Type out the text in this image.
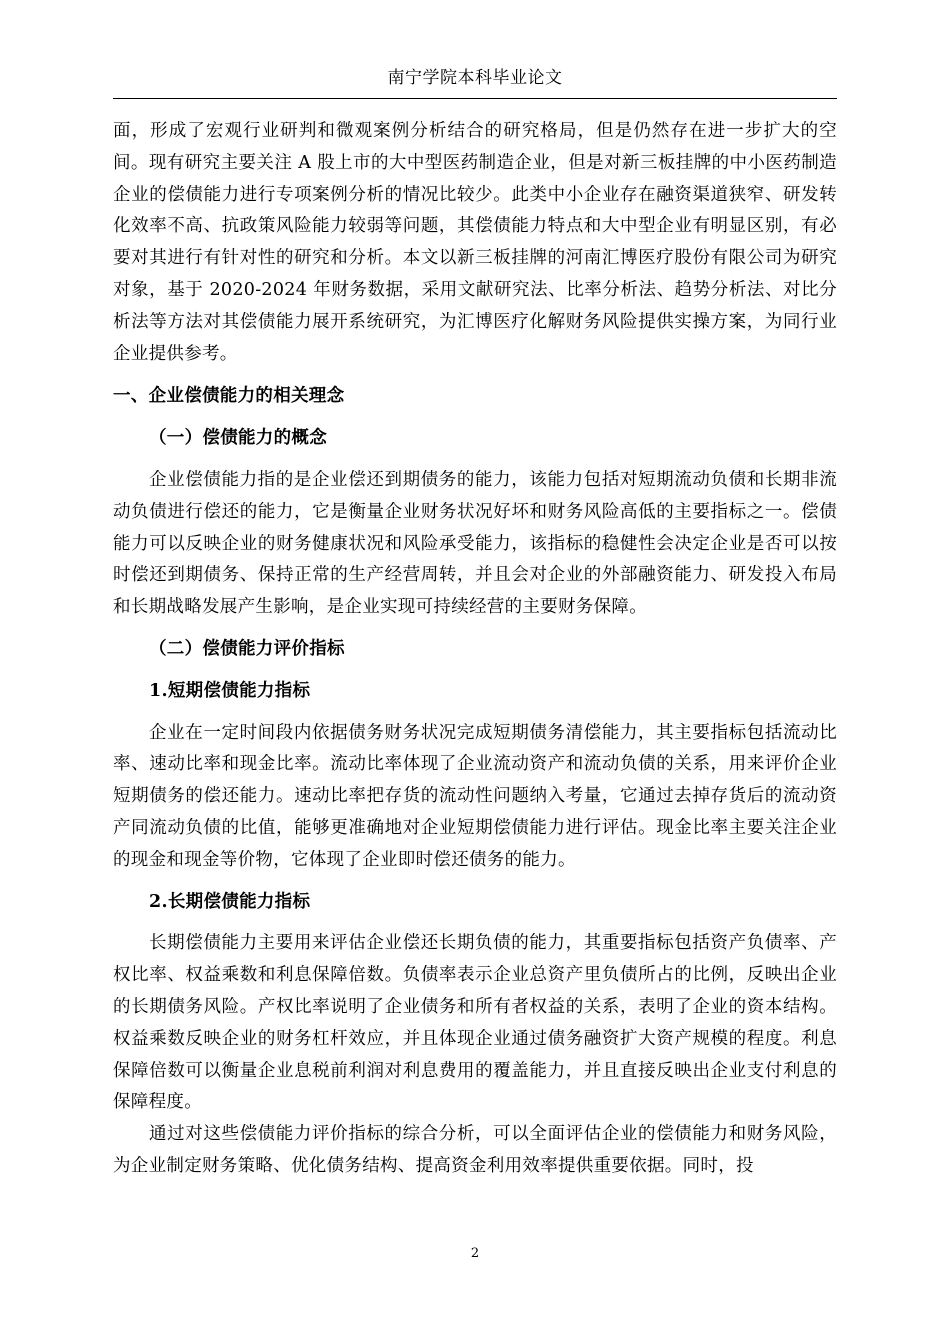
南宁学院本科毕业论文

面，形成了宏观行业研判和微观案例分析结合的研究格局，但是仍然存在进一步扩大的空间。现有研究主要关注 A 股上市的大中型医药制造企业，但是对新三板挂牌的中小医药制造企业的偿债能力进行专项案例分析的情况比较少。此类中小企业存在融资渠道狭窄、研发转化效率不高、抗政策风险能力较弱等问题，其偿债能力特点和大中型企业有明显区别，有必要对其进行有针对性的研究和分析。本文以新三板挂牌的河南汇博医疗股份有限公司为研究对象，基于 2020-2024 年财务数据，采用文献研究法、比率分析法、趋势分析法、对比分析法等方法对其偿债能力展开系统研究，为汇博医疗化解财务风险提供实操方案，为同行业企业提供参考。

一、企业偿债能力的相关理念
（一）偿债能力的概念

企业偿债能力指的是企业偿还到期债务的能力，该能力包括对短期流动负债和长期非流动负债进行偿还的能力，它是衡量企业财务状况好坏和财务风险高低的主要指标之一。偿债能力可以反映企业的财务健康状况和风险承受能力，该指标的稳健性会决定企业是否可以按时偿还到期债务、保持正常的生产经营周转，并且会对企业的外部融资能力、研发投入布局和长期战略发展产生影响，是企业实现可持续经营的主要财务保障。

（二）偿债能力评价指标
1.短期偿债能力指标

企业在一定时间段内依据债务财务状况完成短期债务清偿能力，其主要指标包括流动比率、速动比率和现金比率。流动比率体现了企业流动资产和流动负债的关系，用来评价企业短期债务的偿还能力。速动比率把存货的流动性问题纳入考量，它通过去掉存货后的流动资产同流动负债的比值，能够更准确地对企业短期偿债能力进行评估。现金比率主要关注企业的现金和现金等价物，它体现了企业即时偿还债务的能力。

2.长期偿债能力指标

长期偿债能力主要用来评估企业偿还长期负债的能力，其重要指标包括资产负债率、产权比率、权益乘数和利息保障倍数。负债率表示企业总资产里负债所占的比例，反映出企业的长期债务风险。产权比率说明了企业债务和所有者权益的关系，表明了企业的资本结构。权益乘数反映企业的财务杠杆效应，并且体现企业通过债务融资扩大资产规模的程度。利息保障倍数可以衡量企业息税前利润对利息费用的覆盖能力，并且直接反映出企业支付利息的保障程度。

通过对这些偿债能力评价指标的综合分析，可以全面评估企业的偿债能力和财务风险，为企业制定财务策略、优化债务结构、提高资金利用效率提供重要依据。同时，投

2
